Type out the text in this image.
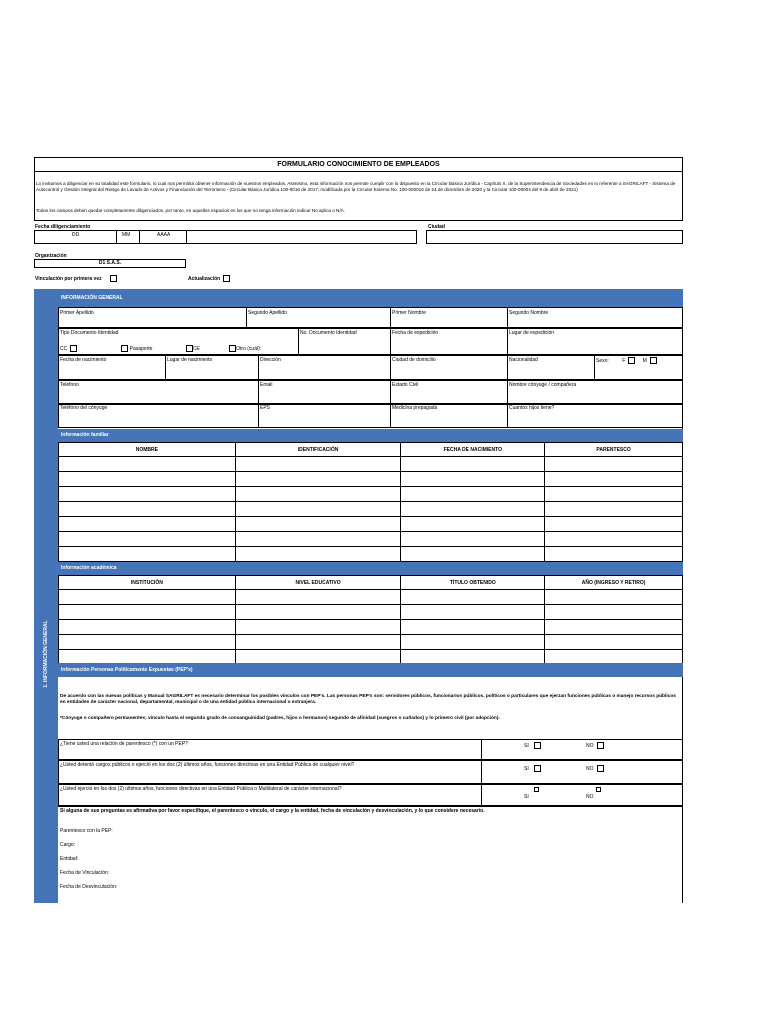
FORMULARIO CONOCIMIENTO DE EMPLEADOS
Lo invitamos a diligenciar en su totalidad este formulario, lo cual nos permitirá obtener información de nuestros empleados. Asimismo, esta información nos permite cumplir con lo dispuesto en la Circular Básica Jurídica - Capítulo X, de la Superintendencia de Sociedades en lo referente a SAGRILAFT - Sistema de Autocontrol y Gestión Integral del Riesgo de Lavado de Activos y Financiación del Terrorismo - (Circular Básica Jurídica 100-0016 de 2017, modificada por la Circular Externa No. 100-000016 de 24 de diciembre de 2020 y la Circular 100-00004 del 9 de abril de 2021)
Todos los campos deben quedar completamente diligenciados, por tanto, en aquellos espacios en los que no tenga información indicar No aplica o N/A.
Fecha diligenciamiento	Ciudad
DD	MM	AAAA
Organización
D1 S.A.S.
Vinculación por primera vez	Actualización
1. INFORMACIÓN GENERAL
INFORMACIÓN GENERAL
Primer Apellido	Segundo Apellido	Primer Nombre	Segundo Nombre
Tipo Documento Identidad	No. Documento Identidad	Fecha de expedición	Lugar de expedición
CC	Pasaporte	CE	Otro (cuál):
Fecha de nacimiento	Lugar de nacimiento	Dirección	Ciudad de domicilio	Nacionalidad	Sexo:	F	M
Teléfono	Email	Estado Civil	Nombre cónyuge / compañera
Teléfono del cónyuge	EPS	Medicina prepagada	Cuantos hijos tiene?
Información familiar
NOMBRE	IDENTIFICACIÓN	FECHA DE NACIMIENTO	PARENTESCO

Información académica
INSTITUCIÓN	NIVEL EDUCATIVO	TÍTULO OBTENIDO	AÑO (INGRESO Y RETIRO)

Información Personas Políticamente Expuestas (PEP's)
De acuerdo con las nuevas políticas y Manual SAGRILAFT es necesario determinar los posibles vínculos con PEP's. Las personas PEP's son: servidores públicos, funcionarios públicos, políticos o particulares que ejerzan funciones públicas o manejo recursos públicos en entidades de carácter nacional, departamental, municipal o de una entidad pública internacional o extranjera.
*Cónyuge o compañero permanentes; vínculo hasta el segundo grado de consanguinidad (padres, hijos o hermanos) segundo de afinidad (suegros o cuñados) y lo primero civil (por adopción).
¿Tiene usted una relación de parentesco (*) con un PEP?	SI	NO
¿Usted detentó cargos públicos o ejerció en los dos (2) últimos años, funciones directivas en una Entidad Pública de cualquier nivel?
SI	NO
¿Usted ejerció en los dos (2) últimos años, funciones directivas en una Entidad Pública o Multilateral de carácter internacional?
SI	NO
Si alguna de sus preguntas es afirmativa por favor especifique, el parentesco o vínculo, el cargo y la entidad, fecha de vinculación y desvinculación, y lo que considere necesario.
Parentesco con la PEP:
Cargo:
Entidad:
Fecha de Vinculación:
Fecha de Desvinculación:
